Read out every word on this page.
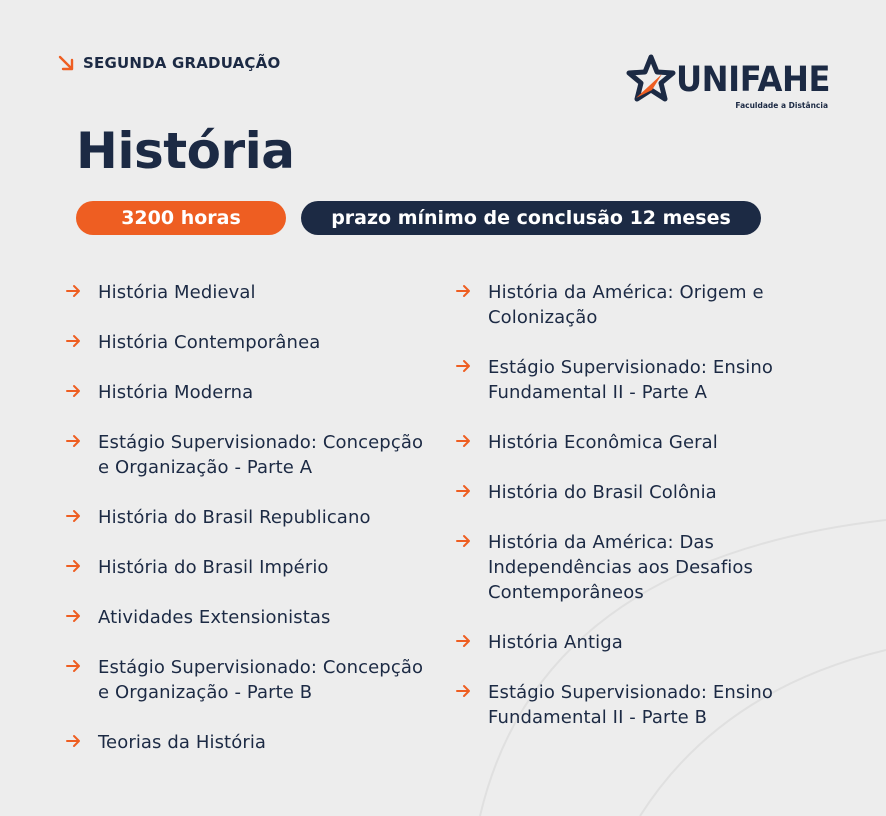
SEGUNDA GRADUAÇÃO	UNIFAHE
Faculdade a Distância
História
3200 horas	prazo mínimo de conclusão 12 meses
História Medieval
História Contemporânea
História Moderna
Estágio Supervisionado: Concepção e Organização - Parte A
História do Brasil Republicano
História do Brasil Império
Atividades Extensionistas
Estágio Supervisionado: Concepção e Organização - Parte B
Teorias da História
História da América: Origem e Colonização
Estágio Supervisionado: Ensino Fundamental II - Parte A
História Econômica Geral
História do Brasil Colônia
História da América: Das Independências aos Desafios Contemporâneos
História Antiga
Estágio Supervisionado: Ensino Fundamental II - Parte B
